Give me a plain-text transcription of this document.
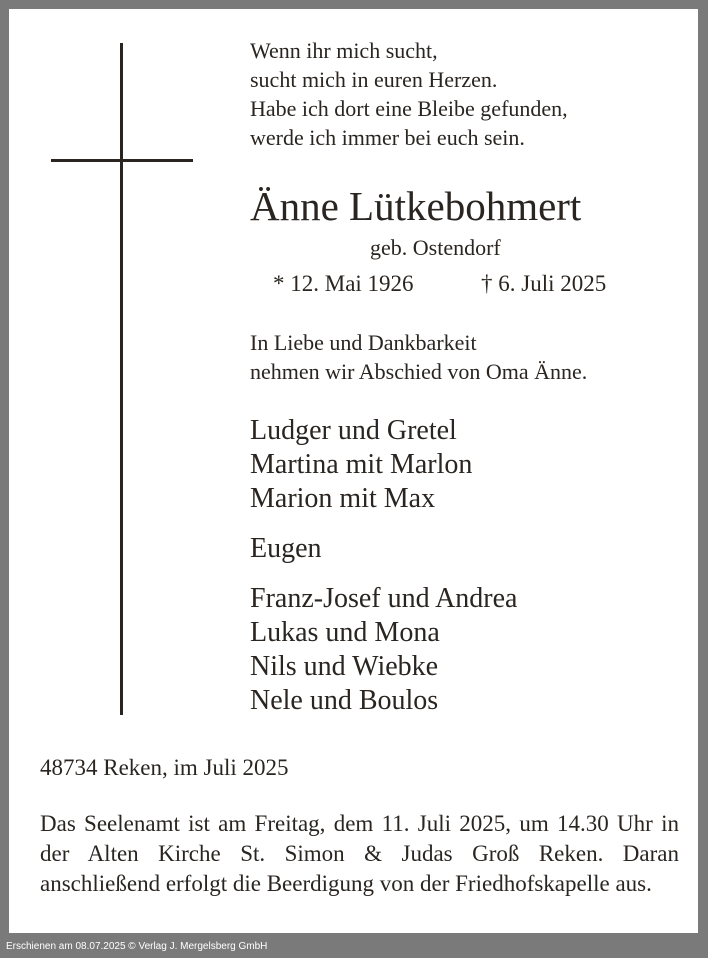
Wenn ihr mich sucht,
sucht mich in euren Herzen.
Habe ich dort eine Bleibe gefunden,
werde ich immer bei euch sein.
Änne Lütkebohmert
geb. Ostendorf
* 12. Mai 1926	† 6. Juli 2025
In Liebe und Dankbarkeit
nehmen wir Abschied von Oma Änne.
Ludger und Gretel
Martina mit Marlon
Marion mit Max
Eugen
Franz-Josef und Andrea
Lukas und Mona
Nils und Wiebke
Nele und Boulos
48734 Reken, im Juli 2025
Das Seelenamt ist am Freitag, dem 11. Juli 2025, um 14.30 Uhr in der Alten Kirche St. Simon & Judas Groß Reken. Daran anschließend erfolgt die Beerdigung von der Friedhofskapelle aus.
Erschienen am 08.07.2025 © Verlag J. Mergelsberg GmbH
